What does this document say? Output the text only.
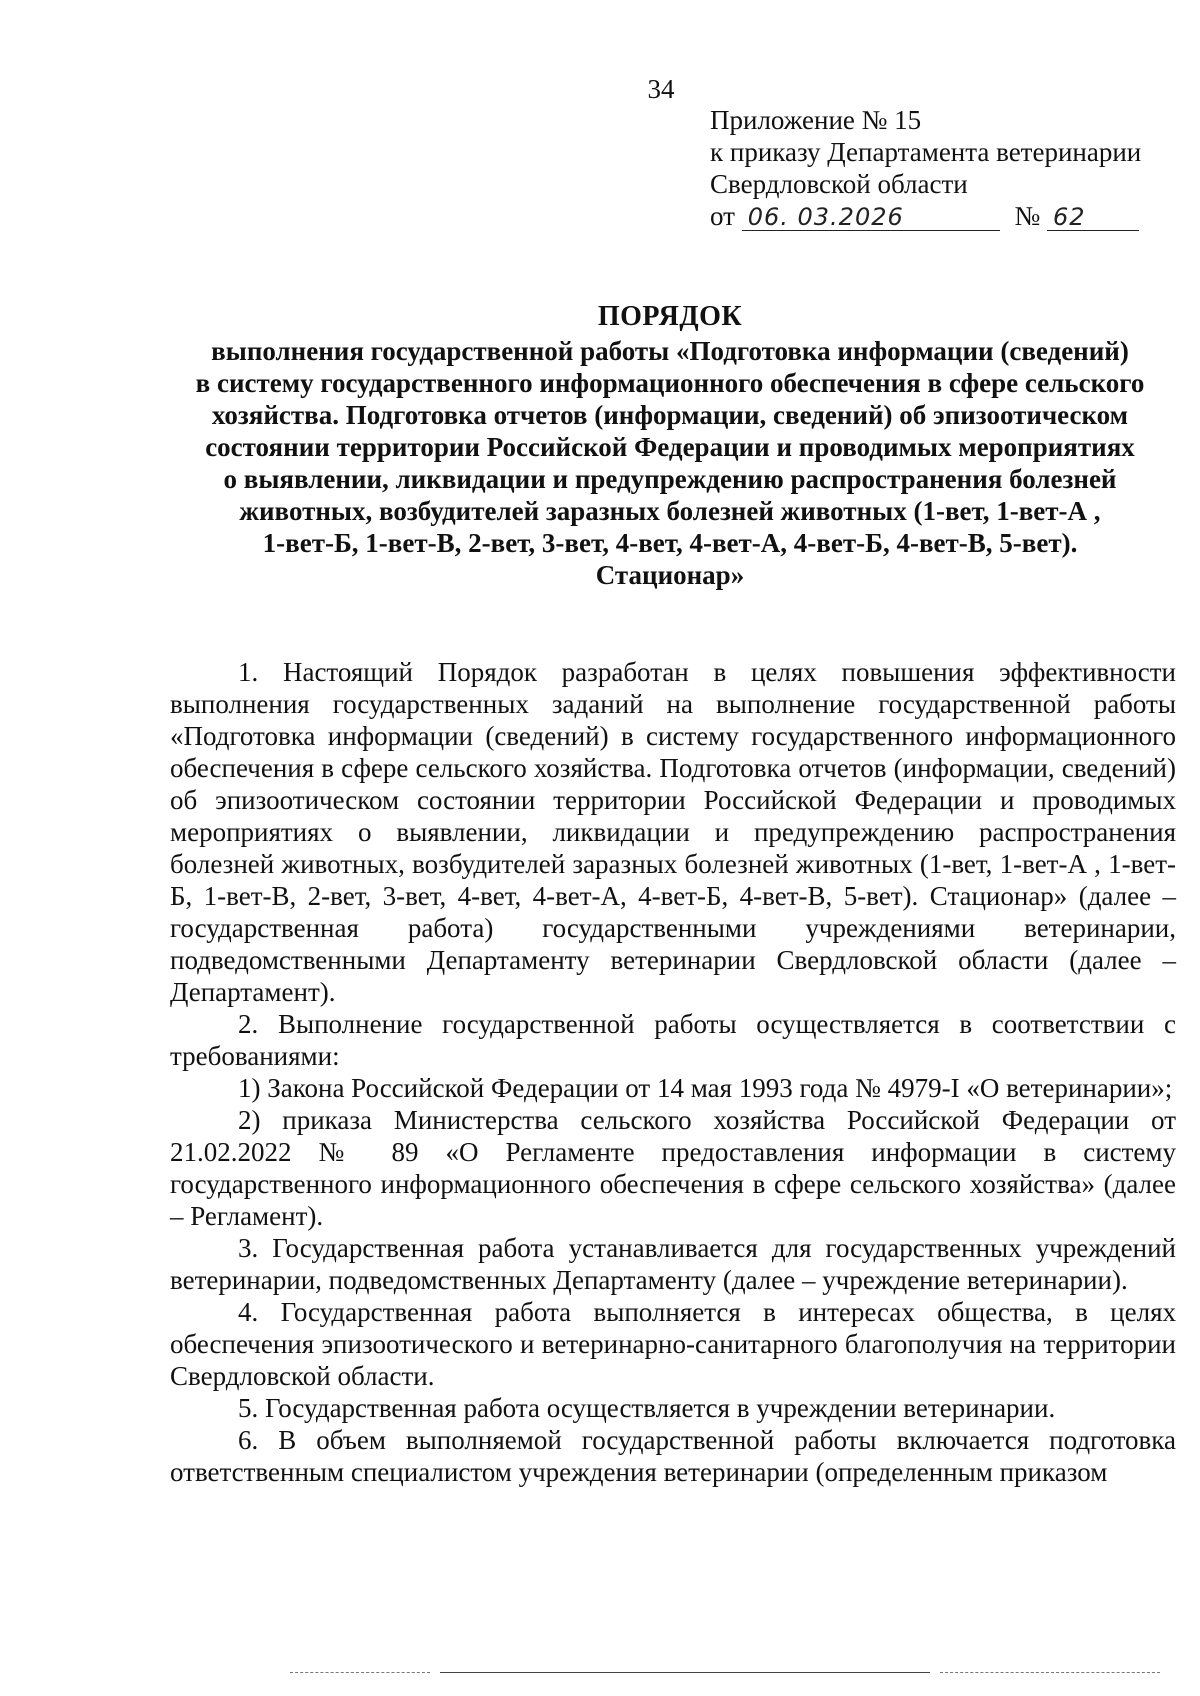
34
Приложение № 15
к приказу Департамента ветеринарии
Свердловской области
от 06. 03.2026	№ 62
ПОРЯДОК
выполнения государственной работы «Подготовка информации (сведений)
в систему государственного информационного обеспечения в сфере сельского
хозяйства. Подготовка отчетов (информации, сведений) об эпизоотическом
состоянии территории Российской Федерации и проводимых мероприятиях
о выявлении, ликвидации и предупреждению распространения болезней
животных, возбудителей заразных болезней животных (1-вет, 1-вет-А ,
1-вет-Б, 1-вет-В, 2-вет, 3-вет, 4-вет, 4-вет-А, 4-вет-Б, 4-вет-В, 5-вет).
Стационар»

1. Настоящий Порядок разработан в целях повышения эффективности выполнения государственных заданий на выполнение государственной работы «Подготовка информации (сведений) в систему государственного информационного обеспечения в сфере сельского хозяйства. Подготовка отчетов (информации, сведений) об эпизоотическом состоянии территории Российской Федерации и проводимых мероприятиях о выявлении, ликвидации и предупреждению распространения болезней животных, возбудителей заразных болезней животных (1-вет, 1-вет-А , 1-вет-Б, 1-вет-В, 2-вет, 3-вет, 4-вет, 4-вет-А, 4-вет-Б, 4-вет-В, 5-вет). Стационар» (далее – государственная работа) государственными учреждениями ветеринарии, подведомственными Департаменту ветеринарии Свердловской области (далее – Департамент).

2. Выполнение государственной работы осуществляется в соответствии с требованиями:

1) Закона Российской Федерации от 14 мая 1993 года № 4979-I «О ветеринарии»;

2) приказа Министерства сельского хозяйства Российской Федерации от 21.02.2022 № 89 «О Регламенте предоставления информации в систему государственного информационного обеспечения в сфере сельского хозяйства» (далее – Регламент).

3. Государственная работа устанавливается для государственных учреждений ветеринарии, подведомственных Департаменту (далее – учреждение ветеринарии).

4. Государственная работа выполняется в интересах общества, в целях обеспечения эпизоотического и ветеринарно-санитарного благополучия на территории Свердловской области.

5. Государственная работа осуществляется в учреждении ветеринарии.

6. В объем выполняемой государственной работы включается подготовка ответственным специалистом учреждения ветеринарии (определенным приказом
